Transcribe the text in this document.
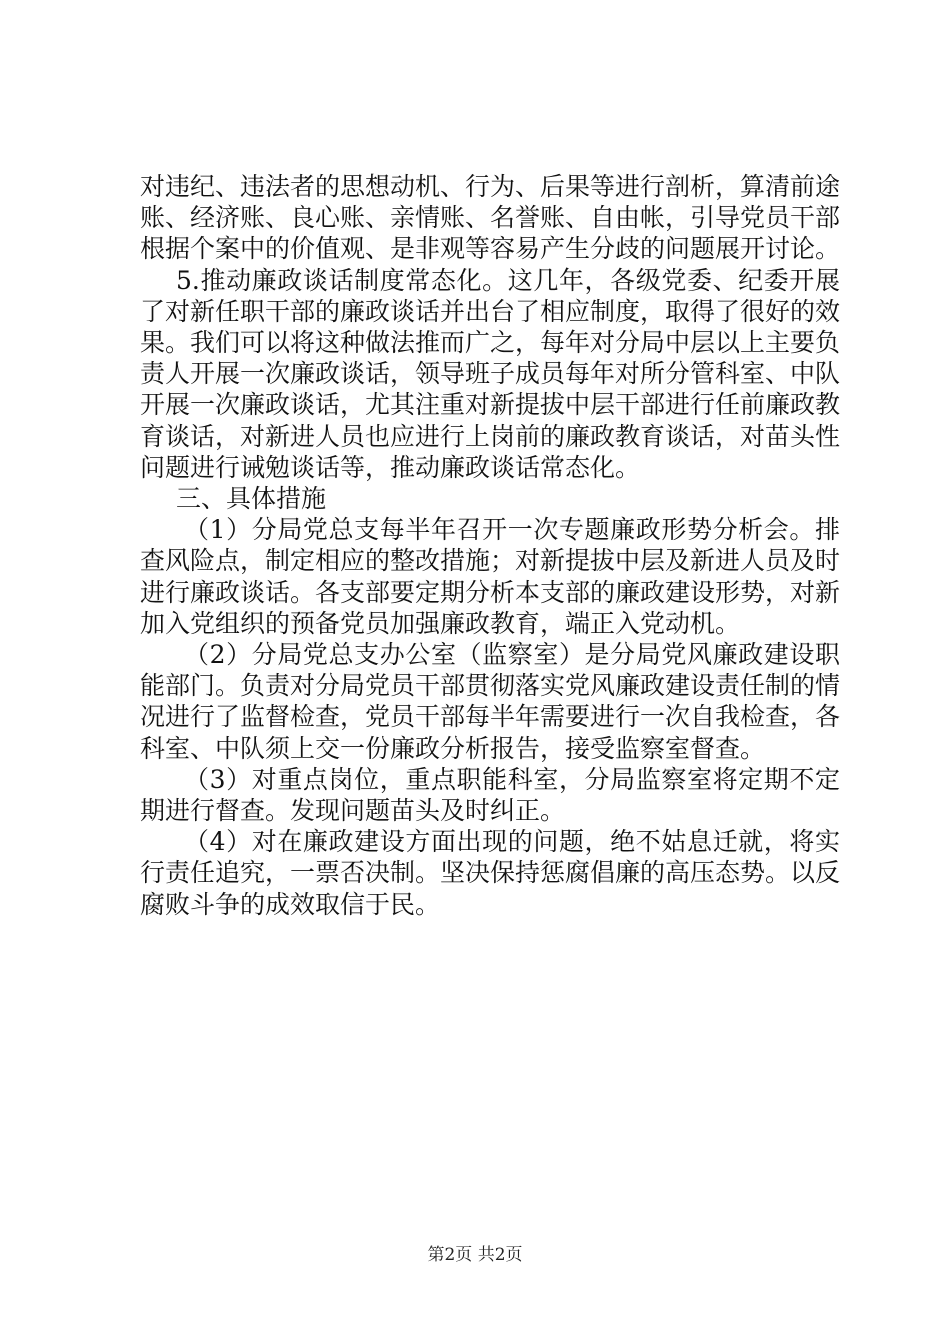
对违纪、违法者的思想动机、行为、后果等进行剖析，算清前途账、经济账、良心账、亲情账、名誉账、自由帐，引导党员干部根据个案中的价值观、是非观等容易产生分歧的问题展开讨论。

5.推动廉政谈话制度常态化。这几年，各级党委、纪委开展了对新任职干部的廉政谈话并出台了相应制度，取得了很好的效果。我们可以将这种做法推而广之，每年对分局中层以上主要负责人开展一次廉政谈话，领导班子成员每年对所分管科室、中队开展一次廉政谈话，尤其注重对新提拔中层干部进行任前廉政教育谈话，对新进人员也应进行上岗前的廉政教育谈话，对苗头性问题进行诫勉谈话等，推动廉政谈话常态化。

三、具体措施

（1）分局党总支每半年召开一次专题廉政形势分析会。排查风险点，制定相应的整改措施；对新提拔中层及新进人员及时进行廉政谈话。各支部要定期分析本支部的廉政建设形势，对新加入党组织的预备党员加强廉政教育，端正入党动机。

（2）分局党总支办公室（监察室）是分局党风廉政建设职能部门。负责对分局党员干部贯彻落实党风廉政建设责任制的情况进行了监督检查，党员干部每半年需要进行一次自我检查，各科室、中队须上交一份廉政分析报告，接受监察室督查。

（3）对重点岗位，重点职能科室，分局监察室将定期不定期进行督查。发现问题苗头及时纠正。

（4）对在廉政建设方面出现的问题，绝不姑息迁就，将实行责任追究，一票否决制。坚决保持惩腐倡廉的高压态势。以反腐败斗争的成效取信于民。

第2页 共2页
